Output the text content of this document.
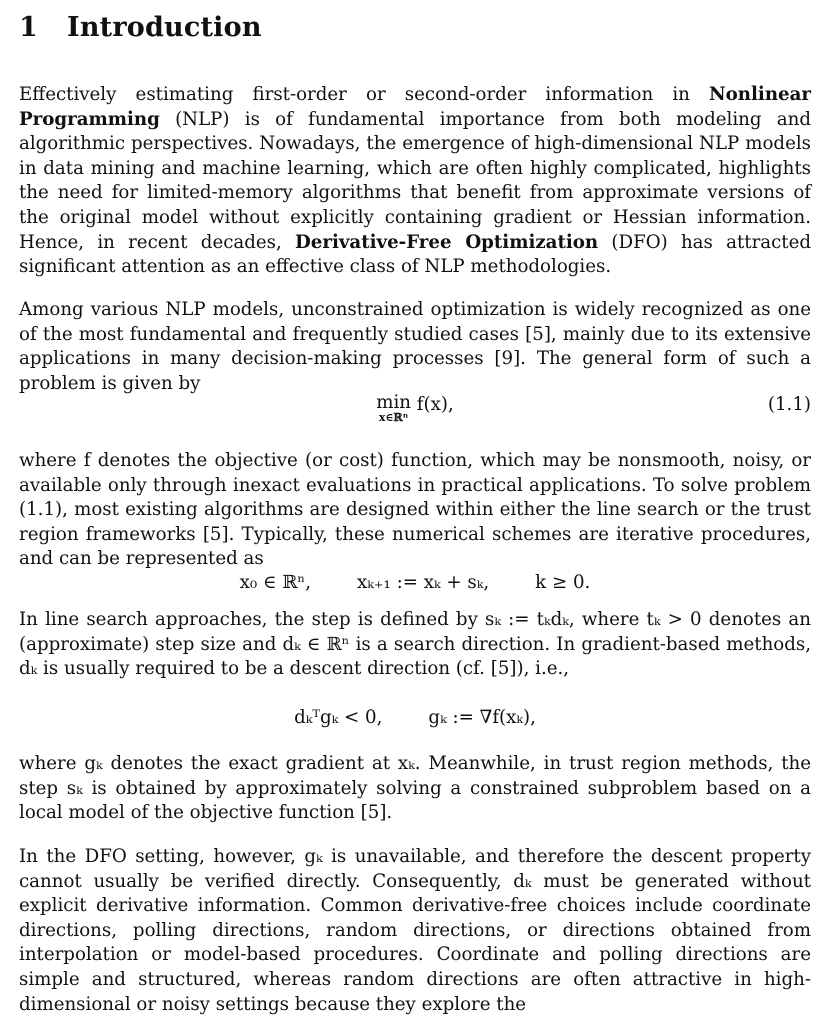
1 Introduction

Effectively estimating first-order or second-order information in Nonlinear Programming (NLP) is of fundamental importance from both modeling and algorithmic perspectives. Nowadays, the emergence of high-dimensional NLP models in data mining and machine learning, which are often highly complicated, highlights the need for limited-memory algorithms that benefit from approximate versions of the original model without explicitly containing gradient or Hessian information. Hence, in recent decades, Derivative-Free Optimization (DFO) has attracted significant attention as an effective class of NLP methodologies.

Among various NLP models, unconstrained optimization is widely recognized as one of the most fundamental and frequently studied cases [5], mainly due to its extensive applications in many decision-making processes [9]. The general form of such a problem is given by

min
x∈ℝⁿ
f(x),	(1.1)

where f denotes the objective (or cost) function, which may be nonsmooth, noisy, or available only through inexact evaluations in practical applications. To solve problem (1.1), most existing algorithms are designed within either the line search or the trust region frameworks [5]. Typically, these numerical schemes are iterative procedures, and can be represented as

x₀ ∈ ℝⁿ,	xₖ₊₁ := xₖ + sₖ,	k ≥ 0.

In line search approaches, the step is defined by sₖ := tₖdₖ, where tₖ > 0 denotes an (approximate) step size and dₖ ∈ ℝⁿ is a search direction. In gradient-based methods, dₖ is usually required to be a descent direction (cf. [5]), i.e.,

dₖᵀgₖ < 0,	gₖ := ∇f(xₖ),

where gₖ denotes the exact gradient at xₖ. Meanwhile, in trust region methods, the step sₖ is obtained by approximately solving a constrained subproblem based on a local model of the objective function [5].

In the DFO setting, however, gₖ is unavailable, and therefore the descent property cannot usually be verified directly. Consequently, dₖ must be generated without explicit derivative information. Common derivative-free choices include coordinate directions, polling directions, random directions, or directions obtained from interpolation or model-based procedures. Coordinate and polling directions are simple and structured, whereas random directions are often attractive in high-dimensional or noisy settings because they explore the
